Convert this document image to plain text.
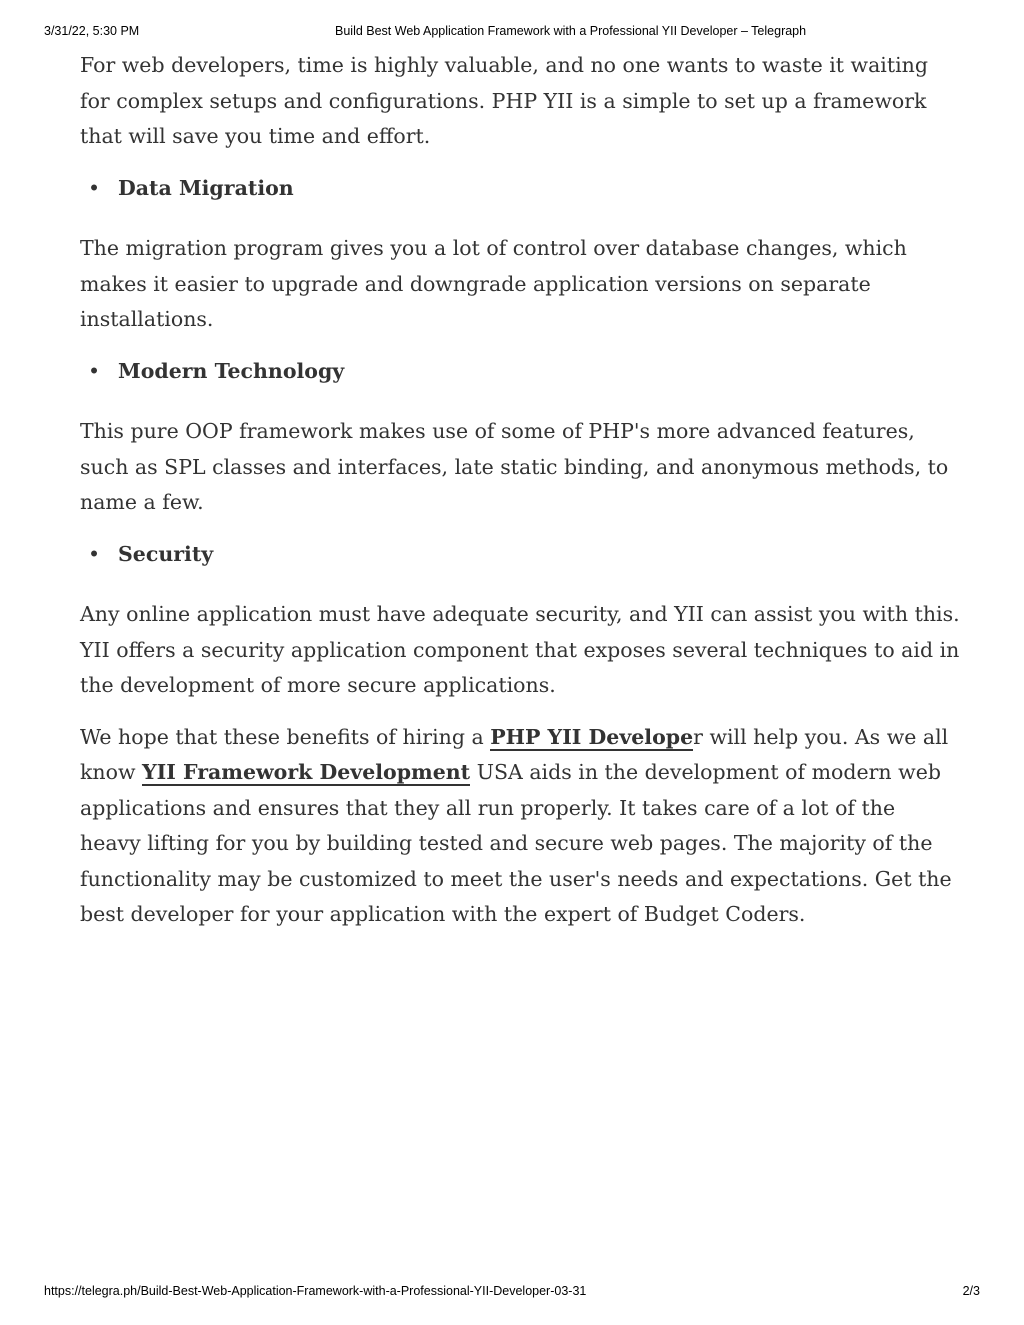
3/31/22, 5:30 PM	Build Best Web Application Framework with a Professional YII Developer – Telegraph

For web developers, time is highly valuable, and no one wants to waste it waiting for complex setups and configurations. PHP YII is a simple to set up a framework that will save you time and effort.

• Data Migration

The migration program gives you a lot of control over database changes, which makes it easier to upgrade and downgrade application versions on separate installations.

• Modern Technology

This pure OOP framework makes use of some of PHP's more advanced features, such as SPL classes and interfaces, late static binding, and anonymous methods, to name a few.

• Security

Any online application must have adequate security, and YII can assist you with this. YII offers a security application component that exposes several techniques to aid in the development of more secure applications.

We hope that these benefits of hiring a PHP YII Developer will help you. As we all know YII Framework Development USA aids in the development of modern web applications and ensures that they all run properly. It takes care of a lot of the heavy lifting for you by building tested and secure web pages. The majority of the functionality may be customized to meet the user's needs and expectations. Get the best developer for your application with the expert of Budget Coders.

https://telegra.ph/Build-Best-Web-Application-Framework-with-a-Professional-YII-Developer-03-31	2/3
